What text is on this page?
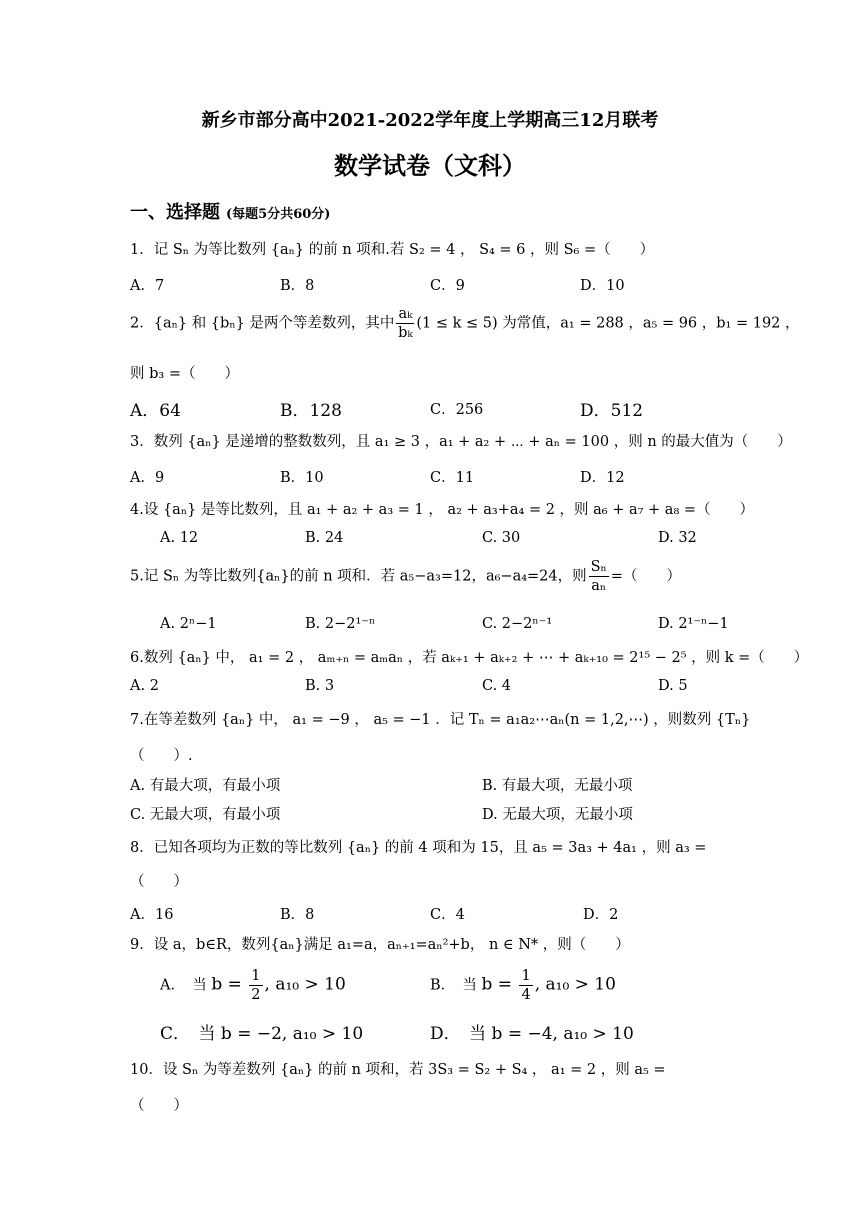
新乡市部分高中2021-2022学年度上学期高三12月联考
数学试卷（文科）
一、选择题 (每题5分共60分)
1．记 Sₙ 为等比数列 {aₙ} 的前 n 项和.若 S₂ = 4 ， S₄ = 6 ，则 S₆ =（　　）
A．7	B．8	C．9	D．10
2．{aₙ} 和 {bₙ} 是两个等差数列，其中 $\frac{\text{aₖ}}{\text{bₖ}} (1 \le k \le 5)$ 为常值，a₁ = 288 ，a₅ = 96 ，b₁ = 192 ，
则 b₃ =（　　）
A．64	B．128	C．256	D．512
3．数列 {aₙ} 是递增的整数数列，且 a₁ ≥ 3 ，a₁ + a₂ + ⋯ + aₙ = 100 ，则 n 的最大值为（　　）
A．9	B．10	C．11	D．12
4.设 {aₙ} 是等比数列，且 a₁ + a₂ + a₃ = 1 ， a₂ + a₃+a₄ = 2 ，则 a₆ + a₇ + a₈ =（　　）
A. 12	B. 24	C. 30	D. 32
5.记 Sₙ 为等比数列{aₙ}的前 n 项和．若 a₅−a₃=12，a₆−a₄=24，则 $\frac{\text{Sₙ}}{\text{aₙ}}$ =（　　）
A. 2ⁿ−1	B. 2−2¹⁻ⁿ	C. 2−2ⁿ⁻¹	D. 2¹⁻ⁿ−1
6.数列 {aₙ} 中， a₁ = 2 ， aₘ₊ₙ = aₘaₙ ，若 aₖ₊₁ + aₖ₊₂ + ⋯ + aₖ₊₁₀ = 2¹⁵ − 2⁵ ，则 k =（　　）
A. 2	B. 3	C. 4	D. 5
7.在等差数列 {aₙ} 中， a₁ = −9 ， a₅ = −1 ．记 Tₙ = a₁a₂⋯aₙ(n = 1,2,⋯) ，则数列 {Tₙ}
（　　）.
A. 有最大项，有最小项	B. 有最大项，无最小项
C. 无最大项，有最小项	D. 无最大项，无最小项
8．已知各项均为正数的等比数列 {aₙ} 的前 4 项和为 15，且 a₅ = 3a₃ + 4a₁ ，则 a₃ =
（　　）
A．16	B．8	C．4	D．2
9．设 a，b∈R，数列{aₙ}满足 a₁=a，aₙ₊₁=aₙ²+b， n ∈ N* ，则（　　）
A．　当 $b = \frac{1}{2}$ , a₁₀ > 10	B．　当 $b = \frac{1}{4}$ , a₁₀ > 10
C．　当 b = −2, a₁₀ > 10	D．　当 b = −4, a₁₀ > 10
10．设 Sₙ 为等差数列 {aₙ} 的前 n 项和，若 3S₃ = S₂ + S₄ ， a₁ = 2 ，则 a₅ =
（　　）
